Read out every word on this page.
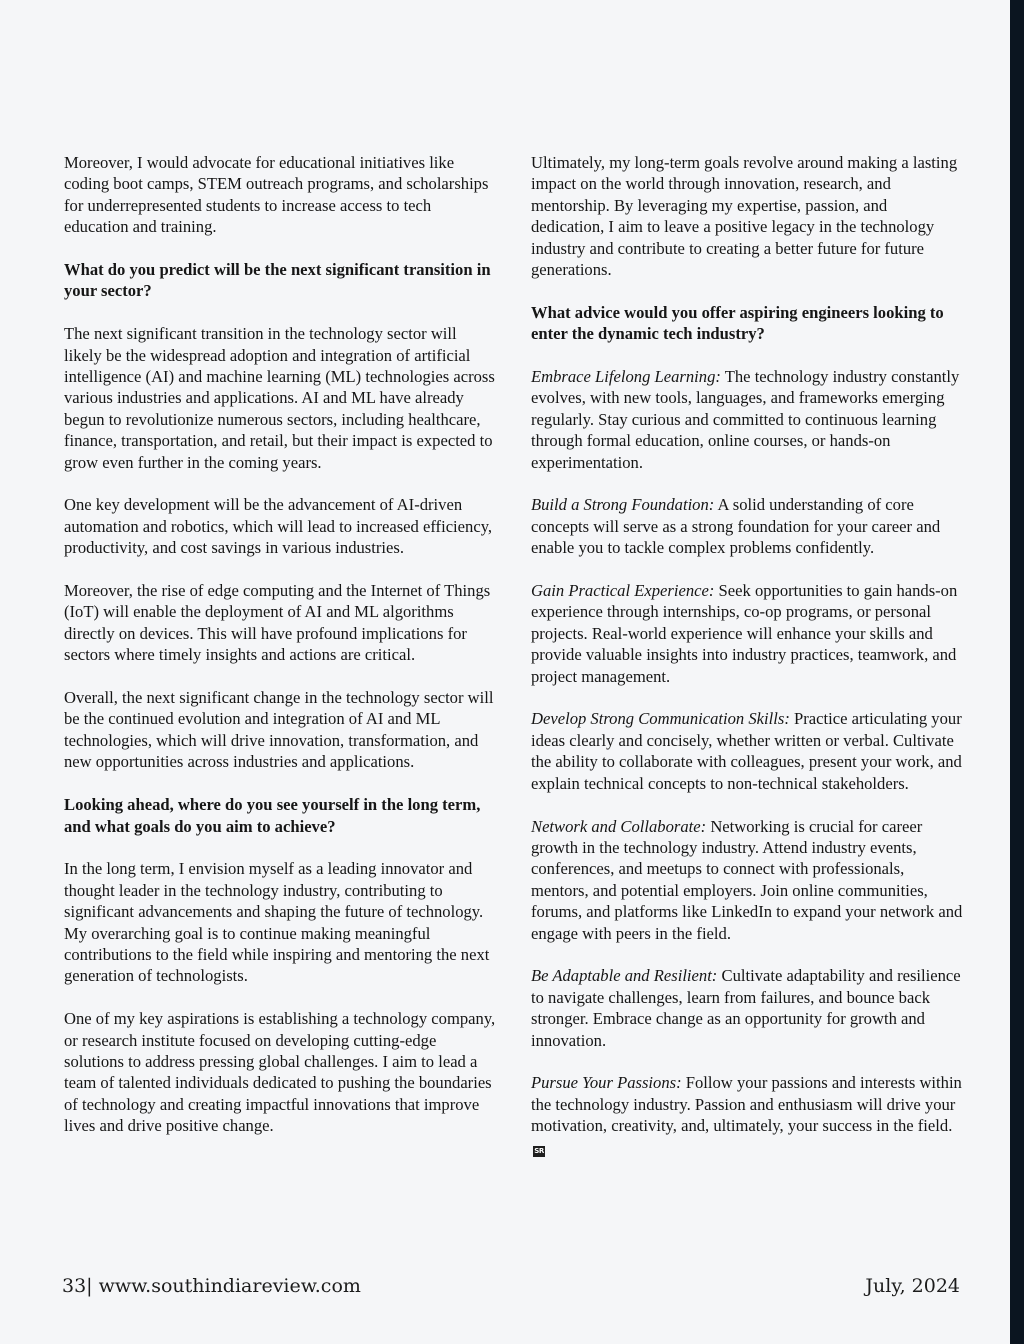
Moreover, I would advocate for educational initiatives like coding boot camps, STEM outreach programs, and scholarships for underrepresented students to increase access to tech education and training.

What do you predict will be the next significant transition in your sector?

The next significant transition in the technology sector will likely be the widespread adoption and integration of artificial intelligence (AI) and machine learning (ML) technologies across various industries and applications. AI and ML have already begun to revolutionize numerous sectors, including healthcare, finance, transportation, and retail, but their impact is expected to grow even further in the coming years.

One key development will be the advancement of AI-driven automation and robotics, which will lead to increased efficiency, productivity, and cost savings in various industries.

Moreover, the rise of edge computing and the Internet of Things (IoT) will enable the deployment of AI and ML algorithms directly on devices. This will have profound implications for sectors where timely insights and actions are critical.

Overall, the next significant change in the technology sector will be the continued evolution and integration of AI and ML technologies, which will drive innovation, transformation, and new opportunities across industries and applications.

Looking ahead, where do you see yourself in the long term, and what goals do you aim to achieve?

In the long term, I envision myself as a leading innovator and thought leader in the technology industry, contributing to significant advancements and shaping the future of technology. My overarching goal is to continue making meaningful contributions to the field while inspiring and mentoring the next generation of technologists.

One of my key aspirations is establishing a technology company, or research institute focused on developing cutting-edge solutions to address pressing global challenges. I aim to lead a team of talented individuals dedicated to pushing the boundaries of technology and creating impactful innovations that improve lives and drive positive change.

Ultimately, my long-term goals revolve around making a lasting impact on the world through innovation, research, and mentorship. By leveraging my expertise, passion, and dedication, I aim to leave a positive legacy in the technology industry and contribute to creating a better future for future generations.

What advice would you offer aspiring engineers looking to enter the dynamic tech industry?

Embrace Lifelong Learning: The technology industry constantly evolves, with new tools, languages, and frameworks emerging regularly. Stay curious and committed to continuous learning through formal education, online courses, or hands-on experimentation.

Build a Strong Foundation: A solid understanding of core concepts will serve as a strong foundation for your career and enable you to tackle complex problems confidently.

Gain Practical Experience: Seek opportunities to gain hands-on experience through internships, co-op programs, or personal projects. Real-world experience will enhance your skills and provide valuable insights into industry practices, teamwork, and project management.

Develop Strong Communication Skills: Practice articulating your ideas clearly and concisely, whether written or verbal. Cultivate the ability to collaborate with colleagues, present your work, and explain technical concepts to non-technical stakeholders.

Network and Collaborate: Networking is crucial for career growth in the technology industry. Attend industry events, conferences, and meetups to connect with professionals, mentors, and potential employers. Join online communities, forums, and platforms like LinkedIn to expand your network and engage with peers in the field.

Be Adaptable and Resilient: Cultivate adaptability and resilience to navigate challenges, learn from failures, and bounce back stronger. Embrace change as an opportunity for growth and innovation.

Pursue Your Passions: Follow your passions and interests within the technology industry. Passion and enthusiasm will drive your motivation, creativity, and, ultimately, your success in the field.SR

33| www.southindiareview.com	July, 2024
